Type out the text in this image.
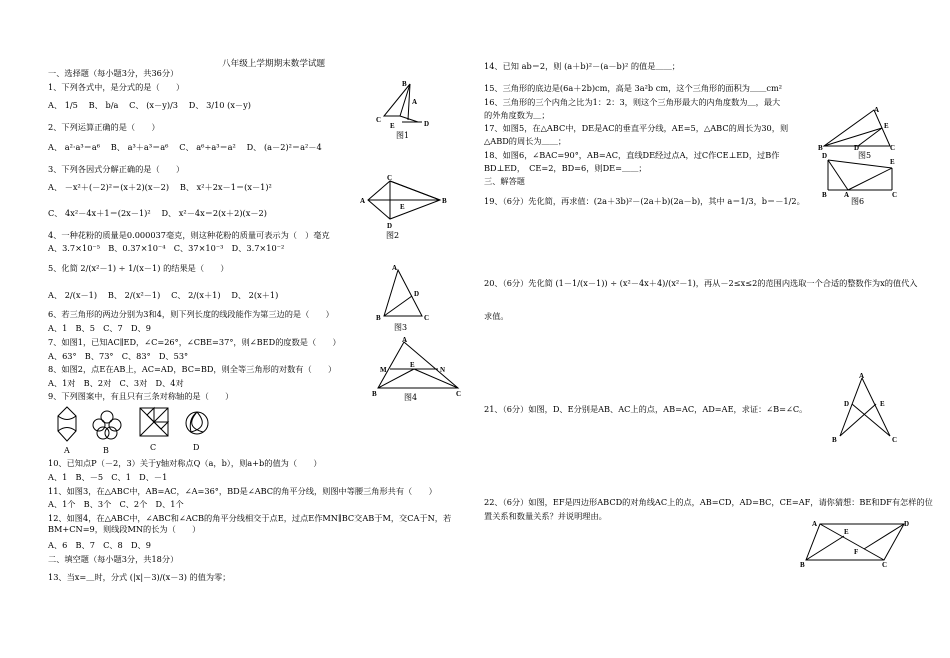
八年级上学期期末数学试题
一、选择题（每小题3分，共36分）
1、下列各式中，是分式的是（　　）
A、 1/5　 B、 b/a　 C、 (x－y)/3　 D、 3/10 (x－y)
2、下列运算正确的是（　　）
A、 a²·a³＝a⁶　 B、 a³＋a³＝a⁶　 C、 a⁶÷a³＝a²　 D、 (a－2)²＝a²－4
3、下列各因式分解正确的是（　　）
A、 －x²＋(－2)²＝(x＋2)(x－2)　 B、 x²＋2x－1＝(x－1)²
C、 4x²－4x＋1＝(2x－1)²　 D、 x²－4x＝2(x＋2)(x－2)
4、一种花粉的质量是0.000037毫克，则这种花粉的质量可表示为（　）毫克
A、3.7×10⁻⁵　B、0.37×10⁻⁴　C、37×10⁻³　D、3.7×10⁻²
5、化简 2/(x²－1) ÷ 1/(x－1) 的结果是（　　）
A、 2/(x－1)　 B、 2/(x²－1)　 C、 2/(x＋1)　 D、 2(x＋1)
6、若三角形的两边分别为3和4，则下列长度的线段能作为第三边的是（　　）
A、1　B、5　C、7　D、9
7、如图1，已知AC∥ED，∠C=26°，∠CBE=37°，则∠BED的度数是（　　）
A、63°　B、73°　C、83°　D、53°
8、如图2，点E在AB上，AC=AD，BC=BD，则全等三角形的对数有（　　）
A、1对　B、2对　C、3对　D、4对
9、下列图案中，有且只有三条对称轴的是（　　）
10、已知点P（－2，3）关于y轴对称点Q（a，b），则a+b的值为（　　）
A、1　B、－5　C、1　D、－1
11、如图3，在△ABC中，AB=AC，∠A=36°，BD是∠ABC的角平分线，则图中等腰三角形共有（　　）
A、1个　B、3个　C、2个　D、1个
12、如图4，在△ABC中，∠ABC和∠ACB的角平分线相交于点E，过点E作MN∥BC交AB于M，交CA于N，若BM+CN=9，则线段MN的长为（　　）
A、6　B、7　C、8　D、9
二、填空题（每小题3分，共18分）
13、当x=＿时，分式 (|x|－3)/(x－3) 的值为零；
A	B	C	D
B
A
C
E	D
图1
C
A
E
B
D
图2
A
D
B	C
图3
A
M
E
N
B	C
图4
14、已知 ab＝2，则 (a＋b)²－(a－b)² 的值是＿＿；
15、三角形的底边是(6a＋2b)cm，高是 3a²b cm，这个三角形的面积为＿＿cm²
16、三角形的三个内角之比为1：2：3，则这个三角形最大的内角度数为＿，最大
的外角度数为＿；
17、如图5，在△ABC中，DE是AC的垂直平分线，AE=5，△ABC的周长为30，则
△ABD的周长为＿＿；
18、如图6，∠BAC=90°，AB=AC，直线DE经过点A，过C作CE⊥ED，过B作
BD⊥ED，　CE=2，BD=6，则DE=＿＿；
三、解答题
19、（6分）先化简，再求值：(2a＋3b)²－(2a＋b)(2a－b)，其中 a＝1/3，b＝－1/2。
20、（6分）先化简 (1－1/(x－1)) ÷ (x²－4x＋4)/(x²－1)，再从－2≤x≤2的范围内选取一个合适的整数作为x的值代入
求值。
21、（6分）如图，D、E分别是AB、AC上的点，AB=AC，AD=AE，求证：∠B=∠C。
22、（6分）如图，EF是四边形ABCD的对角线AC上的点，AB=CD，AD=BC，CE=AF，请你猜想：BE和DF有怎样的位
置关系和数量关系？并说明理由。
A
E
B	D	C
图5
D
E
A
B	C
图6
A
D	E
B	C
A	D
E
F
B	C
